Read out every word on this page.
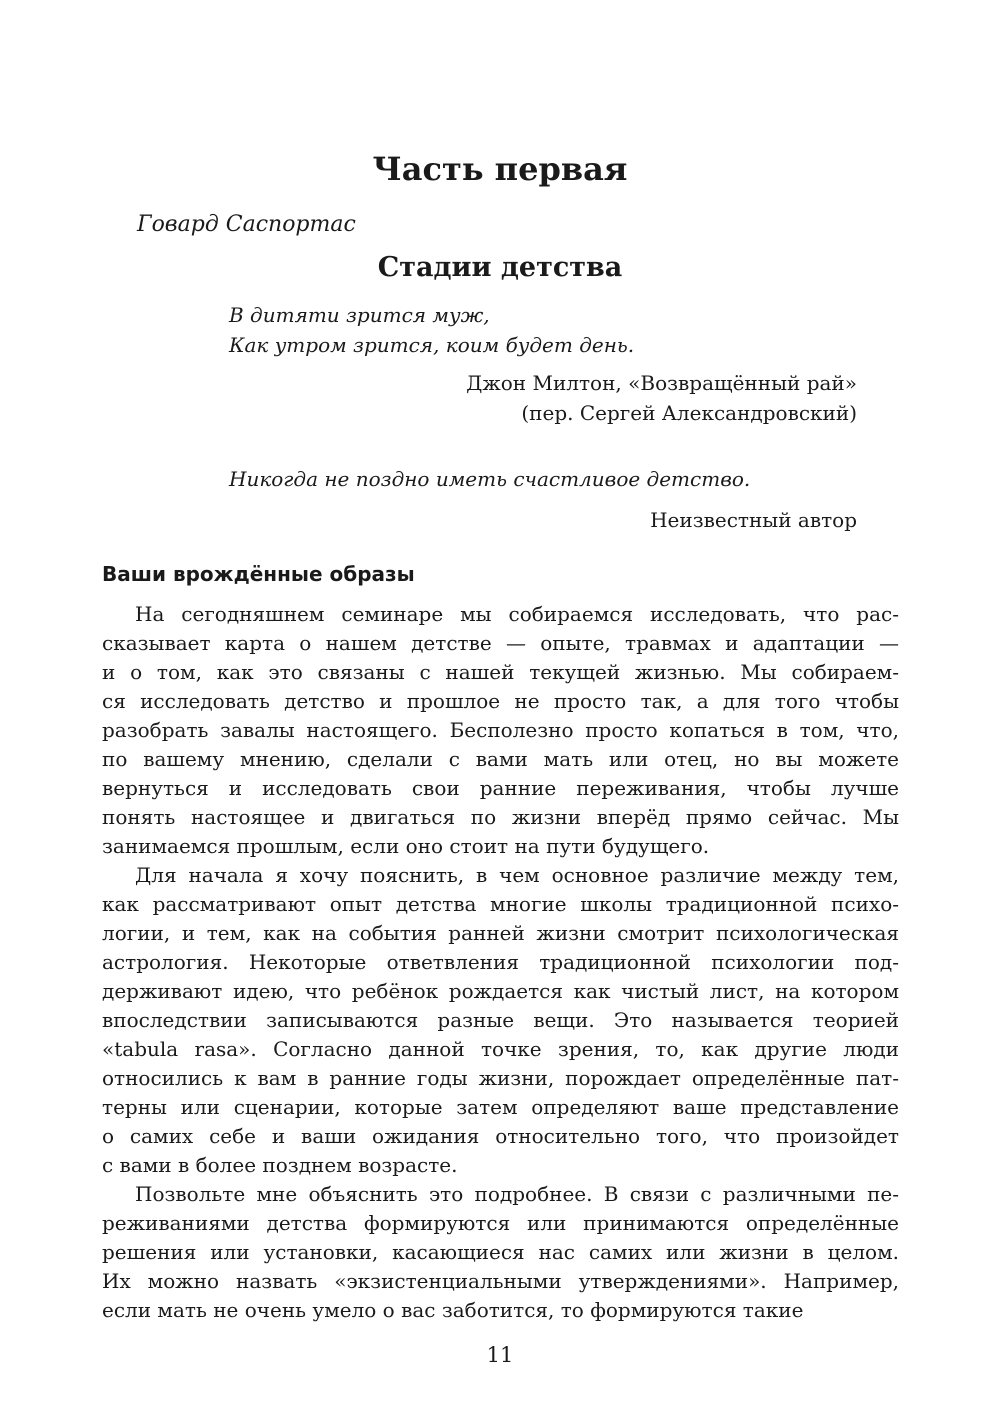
Часть первая
Говард Саспортас
Стадии детства
В дитяти зрится муж,
Как утром зрится, коим будет день.
Джон Милтон, «Возвращённый рай»
(пер. Сергей Александровский)
Никогда не поздно иметь счастливое детство.
Неизвестный автор
Ваши врождённые образы
На сегодняшнем семинаре мы собираемся исследовать, что рас-
сказывает карта о нашем детстве — опыте, травмах и адаптации —
и о том, как это связаны с нашей текущей жизнью. Мы собираем-
ся исследовать детство и прошлое не просто так, а для того чтобы
разобрать завалы настоящего. Бесполезно просто копаться в том, что,
по вашему мнению, сделали с вами мать или отец, но вы можете
вернуться и исследовать свои ранние переживания, чтобы лучше
понять настоящее и двигаться по жизни вперёд прямо сейчас. Мы
занимаемся прошлым, если оно стоит на пути будущего.
Для начала я хочу пояснить, в чем основное различие между тем,
как рассматривают опыт детства многие школы традиционной психо-
логии, и тем, как на события ранней жизни смотрит психологическая
астрология. Некоторые ответвления традиционной психологии под-
держивают идею, что ребёнок рождается как чистый лист, на котором
впоследствии записываются разные вещи. Это называется теорией
«tabula rasa». Согласно данной точке зрения, то, как другие люди
относились к вам в ранние годы жизни, порождает определённые пат-
терны или сценарии, которые затем определяют ваше представление
о самих себе и ваши ожидания относительно того, что произойдет
с вами в более позднем возрасте.
Позвольте мне объяснить это подробнее. В связи с различными пе-
реживаниями детства формируются или принимаются определённые
решения или установки, касающиеся нас самих или жизни в целом.
Их можно назвать «экзистенциальными утверждениями». Например,
если мать не очень умело о вас заботится, то формируются такие
11
